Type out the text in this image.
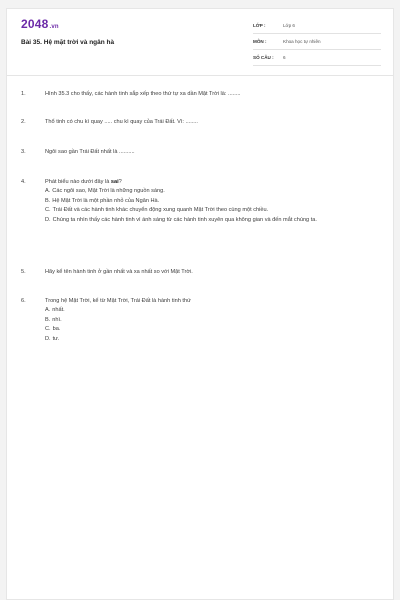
2048.vn
Bài 35. Hệ mặt trời và ngân hà
LỚP :	Lớp 6
MÔN :	Khoa học tự nhiên
SỐ CÂU :	6
1.	Hình 35.3 cho thấy, các hành tinh sắp xếp theo thứ tự xa dần Mặt Trời là: ........
2.	Thổ tinh có chu kì quay ..... chu kì quay của Trái Đất. Vì: ........
3.	Ngôi sao gần Trái Đất nhất là ..........
4.	Phát biểu nào dưới đây là sai?
A. Các ngôi sao, Mặt Trời là những nguồn sáng.
B. Hệ Mặt Trời là một phần nhỏ của Ngân Hà.
C. Trái Đất và các hành tinh khác chuyển động xung quanh Mặt Trời theo cùng một chiều.
D. Chúng ta nhìn thấy các hành tinh vì ánh sáng từ các hành tinh xuyên qua không gian và đến mắt chúng ta.
5.	Hãy kể tên hành tinh ở gần nhất và xa nhất so với Mặt Trời.
6.	Trong hệ Mặt Trời, kể từ Mặt Trời, Trái Đất là hành tinh thứ
A. nhất.
B. nhì.
C. ba.
D. tư.
